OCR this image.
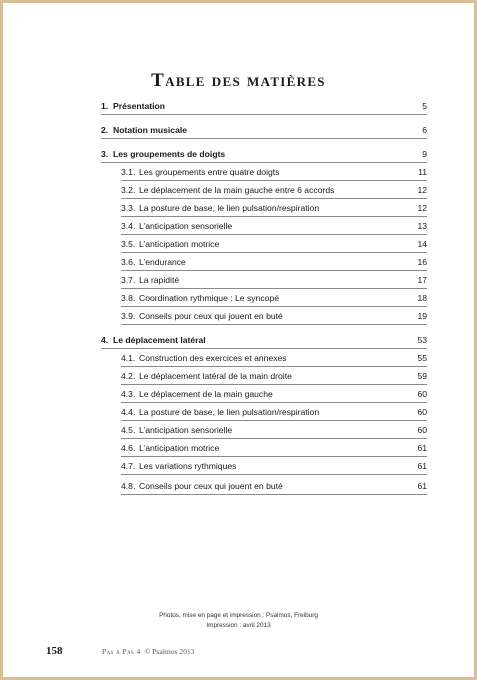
Table des matières
1. Présentation	5
2. Notation musicale	6
3. Les groupements de doigts	9
3.1. Les groupements entre quatre doigts	11
3.2. Le déplacement de la main gauche entre 6 accords	12
3.3. La posture de base, le lien pulsation/respiration	12
3.4. L’anticipation sensorielle	13
3.5. L’anticipation motrice	14
3.6. L’endurance	16
3.7. La rapidité	17
3.8. Coordination rythmique : Le syncopé	18
3.9. Conseils pour ceux qui jouent en buté	19
4. Le déplacement latéral	53
4.1. Construction des exercices et annexes	55
4.2. Le déplacement latéral de la main droite	59
4.3. Le déplacement de la main gauche	60
4.4. La posture de base, le lien pulsation/respiration	60
4.5. L’anticipation sensorielle	60
4.6. L’anticipation motrice	61
4.7. Les variations rythmiques	61
4.8. Conseils pour ceux qui jouent en buté	61
Photos, mise en page et impression : Psalmos, Freiburg
Impression : avril 2013
158	Pas à Pas 4 © Psalmos 2013
